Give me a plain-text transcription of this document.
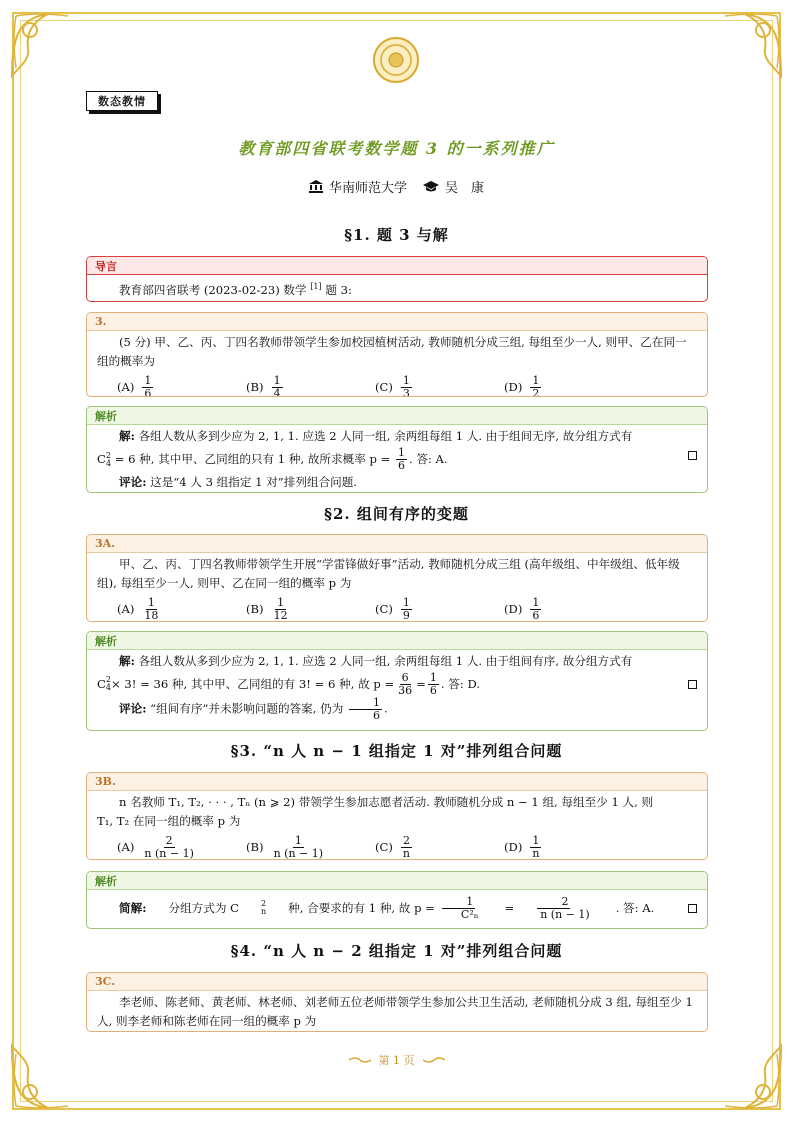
数态教情
教育部四省联考数学题 3 的一系列推广
华南师范大学	吴　康
§1. 题 3 与解
导言
教育部四省联考 (2023-02-23) 数学 [1] 题 3:
3.
(5 分) 甲、乙、丙、丁四名教师带领学生参加校园植树活动, 教师随机分成三组, 每组至少一人, 则甲、乙在同一组的概率为
$(A) \frac{1}{6}$	$(B) \frac{1}{4}$	$(C) \frac{1}{3}$	$(D) \frac{1}{2}$
解析
解: 各组人数从多到少应为 2, 1, 1. 应选 2 人同一组, 余两组每组 1 人. 由于组间无序, 故分组方式有
$C^2_4 = 6$ 种, 其中甲、乙同组的只有 1 种, 故所求概率 $p = \frac{1}{6}$ . 答: A.
评论: 这是“4 人 3 组指定 1 对”排列组合问题.
§2. 组间有序的变题
3A.
甲、乙、丙、丁四名教师带领学生开展“学雷锋做好事”活动, 教师随机分成三组 (高年级组、中年级组、低年级组), 每组至少一人, 则甲、乙在同一组的概率 p 为
$(A) \frac{1}{18}$	$(B) \frac{1}{12}$	$(C) \frac{1}{9}$	$(D) \frac{1}{6}$
解析
解: 各组人数从多到少应为 2, 1, 1. 应选 2 人同一组, 余两组每组 1 人. 由于组间有序, 故分组方式有
C 2
4 × 3! = 36 种, 其中甲、乙同组的有 3! = 6 种, 故 $p = \frac{6}{36} = \frac{1}{6}$ . 答: D.
评论: “组间有序”并未影响问题的答案, 仍为 $\frac{1}{6}$ .
§3. “n 人 n − 1 组指定 1 对”排列组合问题
3B.
n 名教师 T₁, T₂, · · · , Tₙ (n ⩾ 2) 带领学生参加志愿者活动. 教师随机分成 n − 1 组, 每组至少 1 人, 则
T₁, T₂ 在同一组的概率 p 为
$(A) \frac{2}{n (n - 1)}$	$(B) \frac{1}{n (n - 1)}$	$(C) \frac{2}{n}$	$(D) \frac{1}{n}$
解析
简解:	分组方式为 C	2
n	种, 合要求的有 1 种, 故 $p = \frac{1}{\text{C²ₙ}}$	= $\frac{2}{n (n - 1)}$	. 答: A.
§4. “n 人 n − 2 组指定 1 对”排列组合问题
3C.
李老师、陈老师、黄老师、林老师、刘老师五位老师带领学生参加公共卫生活动, 老师随机分成 3 组, 每组至少 1 人, 则李老师和陈老师在同一组的概率 p 为
第 1 页
